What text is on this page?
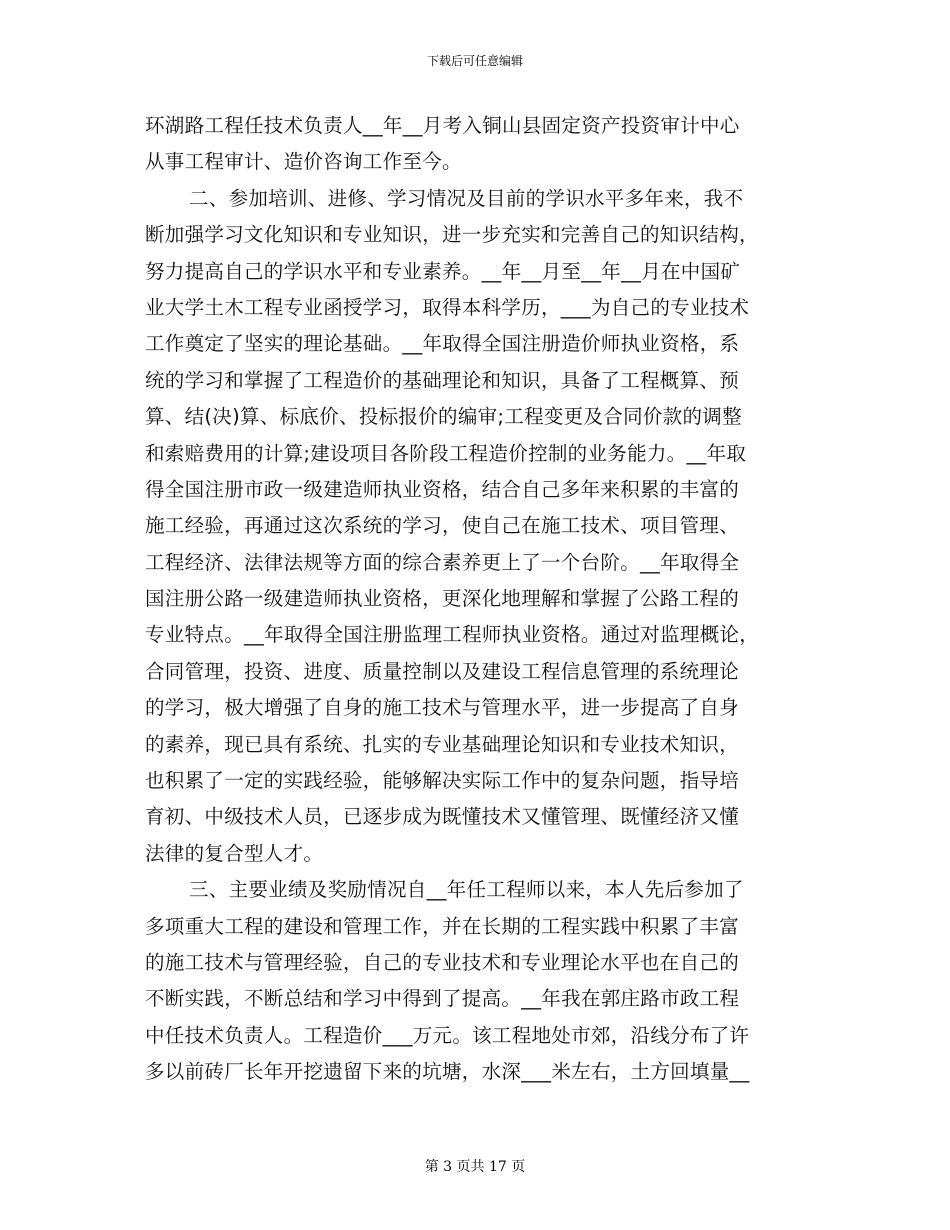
下载后可任意编辑
环湖路工程任技术负责人__年__月考入铜山县固定资产投资审计中心
从事工程审计、造价咨询工作至今。
二、参加培训、进修、学习情况及目前的学识水平多年来，我不
断加强学习文化知识和专业知识，进一步充实和完善自己的知识结构，
努力提高自己的学识水平和专业素养。__年__月至__年__月在中国矿
业大学土木工程专业函授学习，取得本科学历，___为自己的专业技术
工作奠定了坚实的理论基础。__年取得全国注册造价师执业资格，系
统的学习和掌握了工程造价的基础理论和知识，具备了工程概算、预
算、结(决)算、标底价、投标报价的编审;工程变更及合同价款的调整
和索赔费用的计算;建设项目各阶段工程造价控制的业务能力。__年取
得全国注册市政一级建造师执业资格，结合自己多年来积累的丰富的
施工经验，再通过这次系统的学习，使自己在施工技术、项目管理、
工程经济、法律法规等方面的综合素养更上了一个台阶。__年取得全
国注册公路一级建造师执业资格，更深化地理解和掌握了公路工程的
专业特点。__年取得全国注册监理工程师执业资格。通过对监理概论，
合同管理，投资、进度、质量控制以及建设工程信息管理的系统理论
的学习，极大增强了自身的施工技术与管理水平，进一步提高了自身
的素养，现已具有系统、扎实的专业基础理论知识和专业技术知识，
也积累了一定的实践经验，能够解决实际工作中的复杂问题，指导培
育初、中级技术人员，已逐步成为既懂技术又懂管理、既懂经济又懂
法律的复合型人才。
三、主要业绩及奖励情况自__年任工程师以来，本人先后参加了
多项重大工程的建设和管理工作，并在长期的工程实践中积累了丰富
的施工技术与管理经验，自己的专业技术和专业理论水平也在自己的
不断实践，不断总结和学习中得到了提高。__年我在郭庄路市政工程
中任技术负责人。工程造价___万元。该工程地处市郊，沿线分布了许
多以前砖厂长年开挖遗留下来的坑塘，水深___米左右，土方回填量__
第 3 页共 17 页
